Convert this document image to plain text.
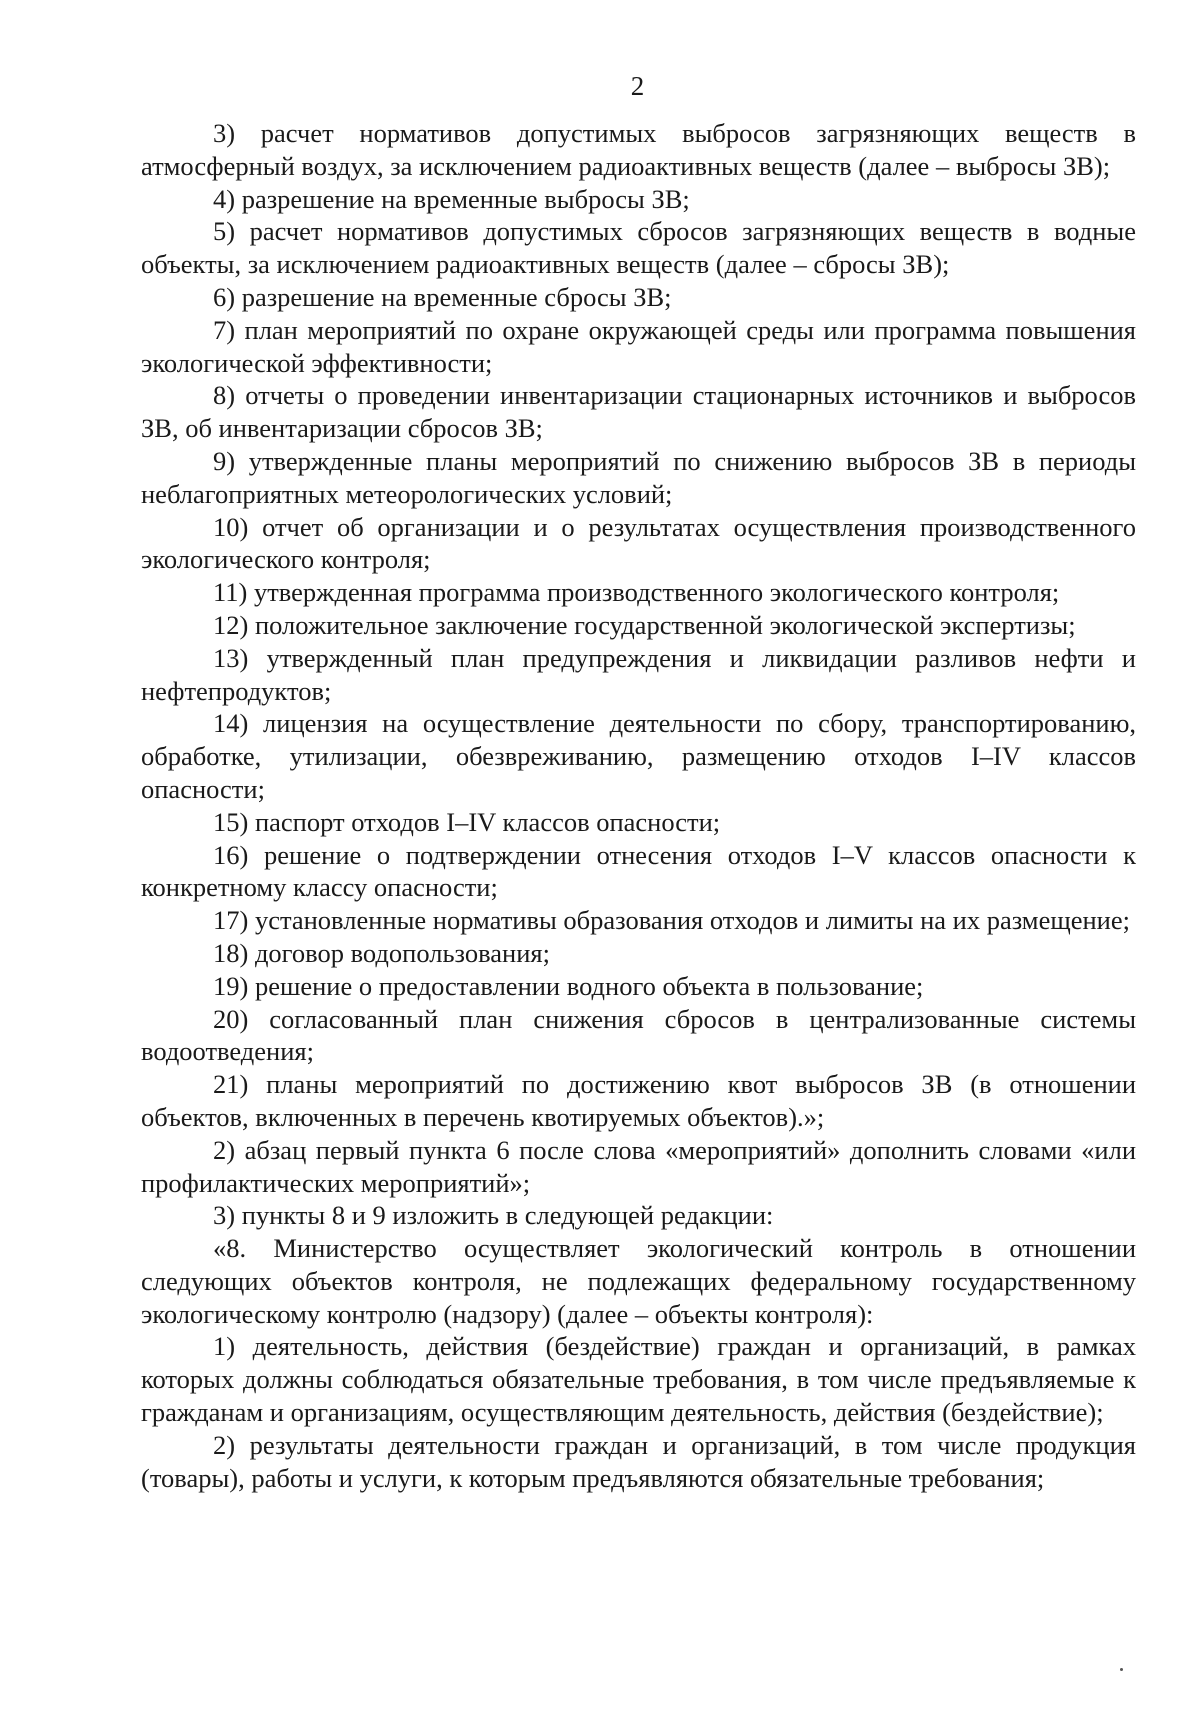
2

3) расчет нормативов допустимых выбросов загрязняющих веществ в атмосферный воздух, за исключением радиоактивных веществ (далее – выбросы ЗВ);

4) разрешение на временные выбросы ЗВ;

5) расчет нормативов допустимых сбросов загрязняющих веществ в водные объекты, за исключением радиоактивных веществ (далее – сбросы ЗВ);

6) разрешение на временные сбросы ЗВ;

7) план мероприятий по охране окружающей среды или программа повышения экологической эффективности;

8) отчеты о проведении инвентаризации стационарных источников и выбросов ЗВ, об инвентаризации сбросов ЗВ;

9) утвержденные планы мероприятий по снижению выбросов ЗВ в периоды неблагоприятных метеорологических условий;

10) отчет об организации и о результатах осуществления производственного экологического контроля;

11) утвержденная программа производственного экологического контроля;

12) положительное заключение государственной экологической экспертизы;

13) утвержденный план предупреждения и ликвидации разливов нефти и нефтепродуктов;

14) лицензия на осуществление деятельности по сбору, транспортированию, обработке, утилизации, обезвреживанию, размещению отходов I–IV классов опасности;

15) паспорт отходов I–IV классов опасности;

16) решение о подтверждении отнесения отходов I–V классов опасности к конкретному классу опасности;

17) установленные нормативы образования отходов и лимиты на их размещение;

18) договор водопользования;

19) решение о предоставлении водного объекта в пользование;

20) согласованный план снижения сбросов в централизованные системы водоотведения;

21) планы мероприятий по достижению квот выбросов ЗВ (в отношении объектов, включенных в перечень квотируемых объектов).»;

2) абзац первый пункта 6 после слова «мероприятий» дополнить словами «или профилактических мероприятий»;

3) пункты 8 и 9 изложить в следующей редакции:

«8. Министерство осуществляет экологический контроль в отношении следующих объектов контроля, не подлежащих федеральному государственному экологическому контролю (надзору) (далее – объекты контроля):

1) деятельность, действия (бездействие) граждан и организаций, в рамках которых должны соблюдаться обязательные требования, в том числе предъявляемые к гражданам и организациям, осуществляющим деятельность, действия (бездействие);

2) результаты деятельности граждан и организаций, в том числе продукция (товары), работы и услуги, к которым предъявляются обязательные требования;
